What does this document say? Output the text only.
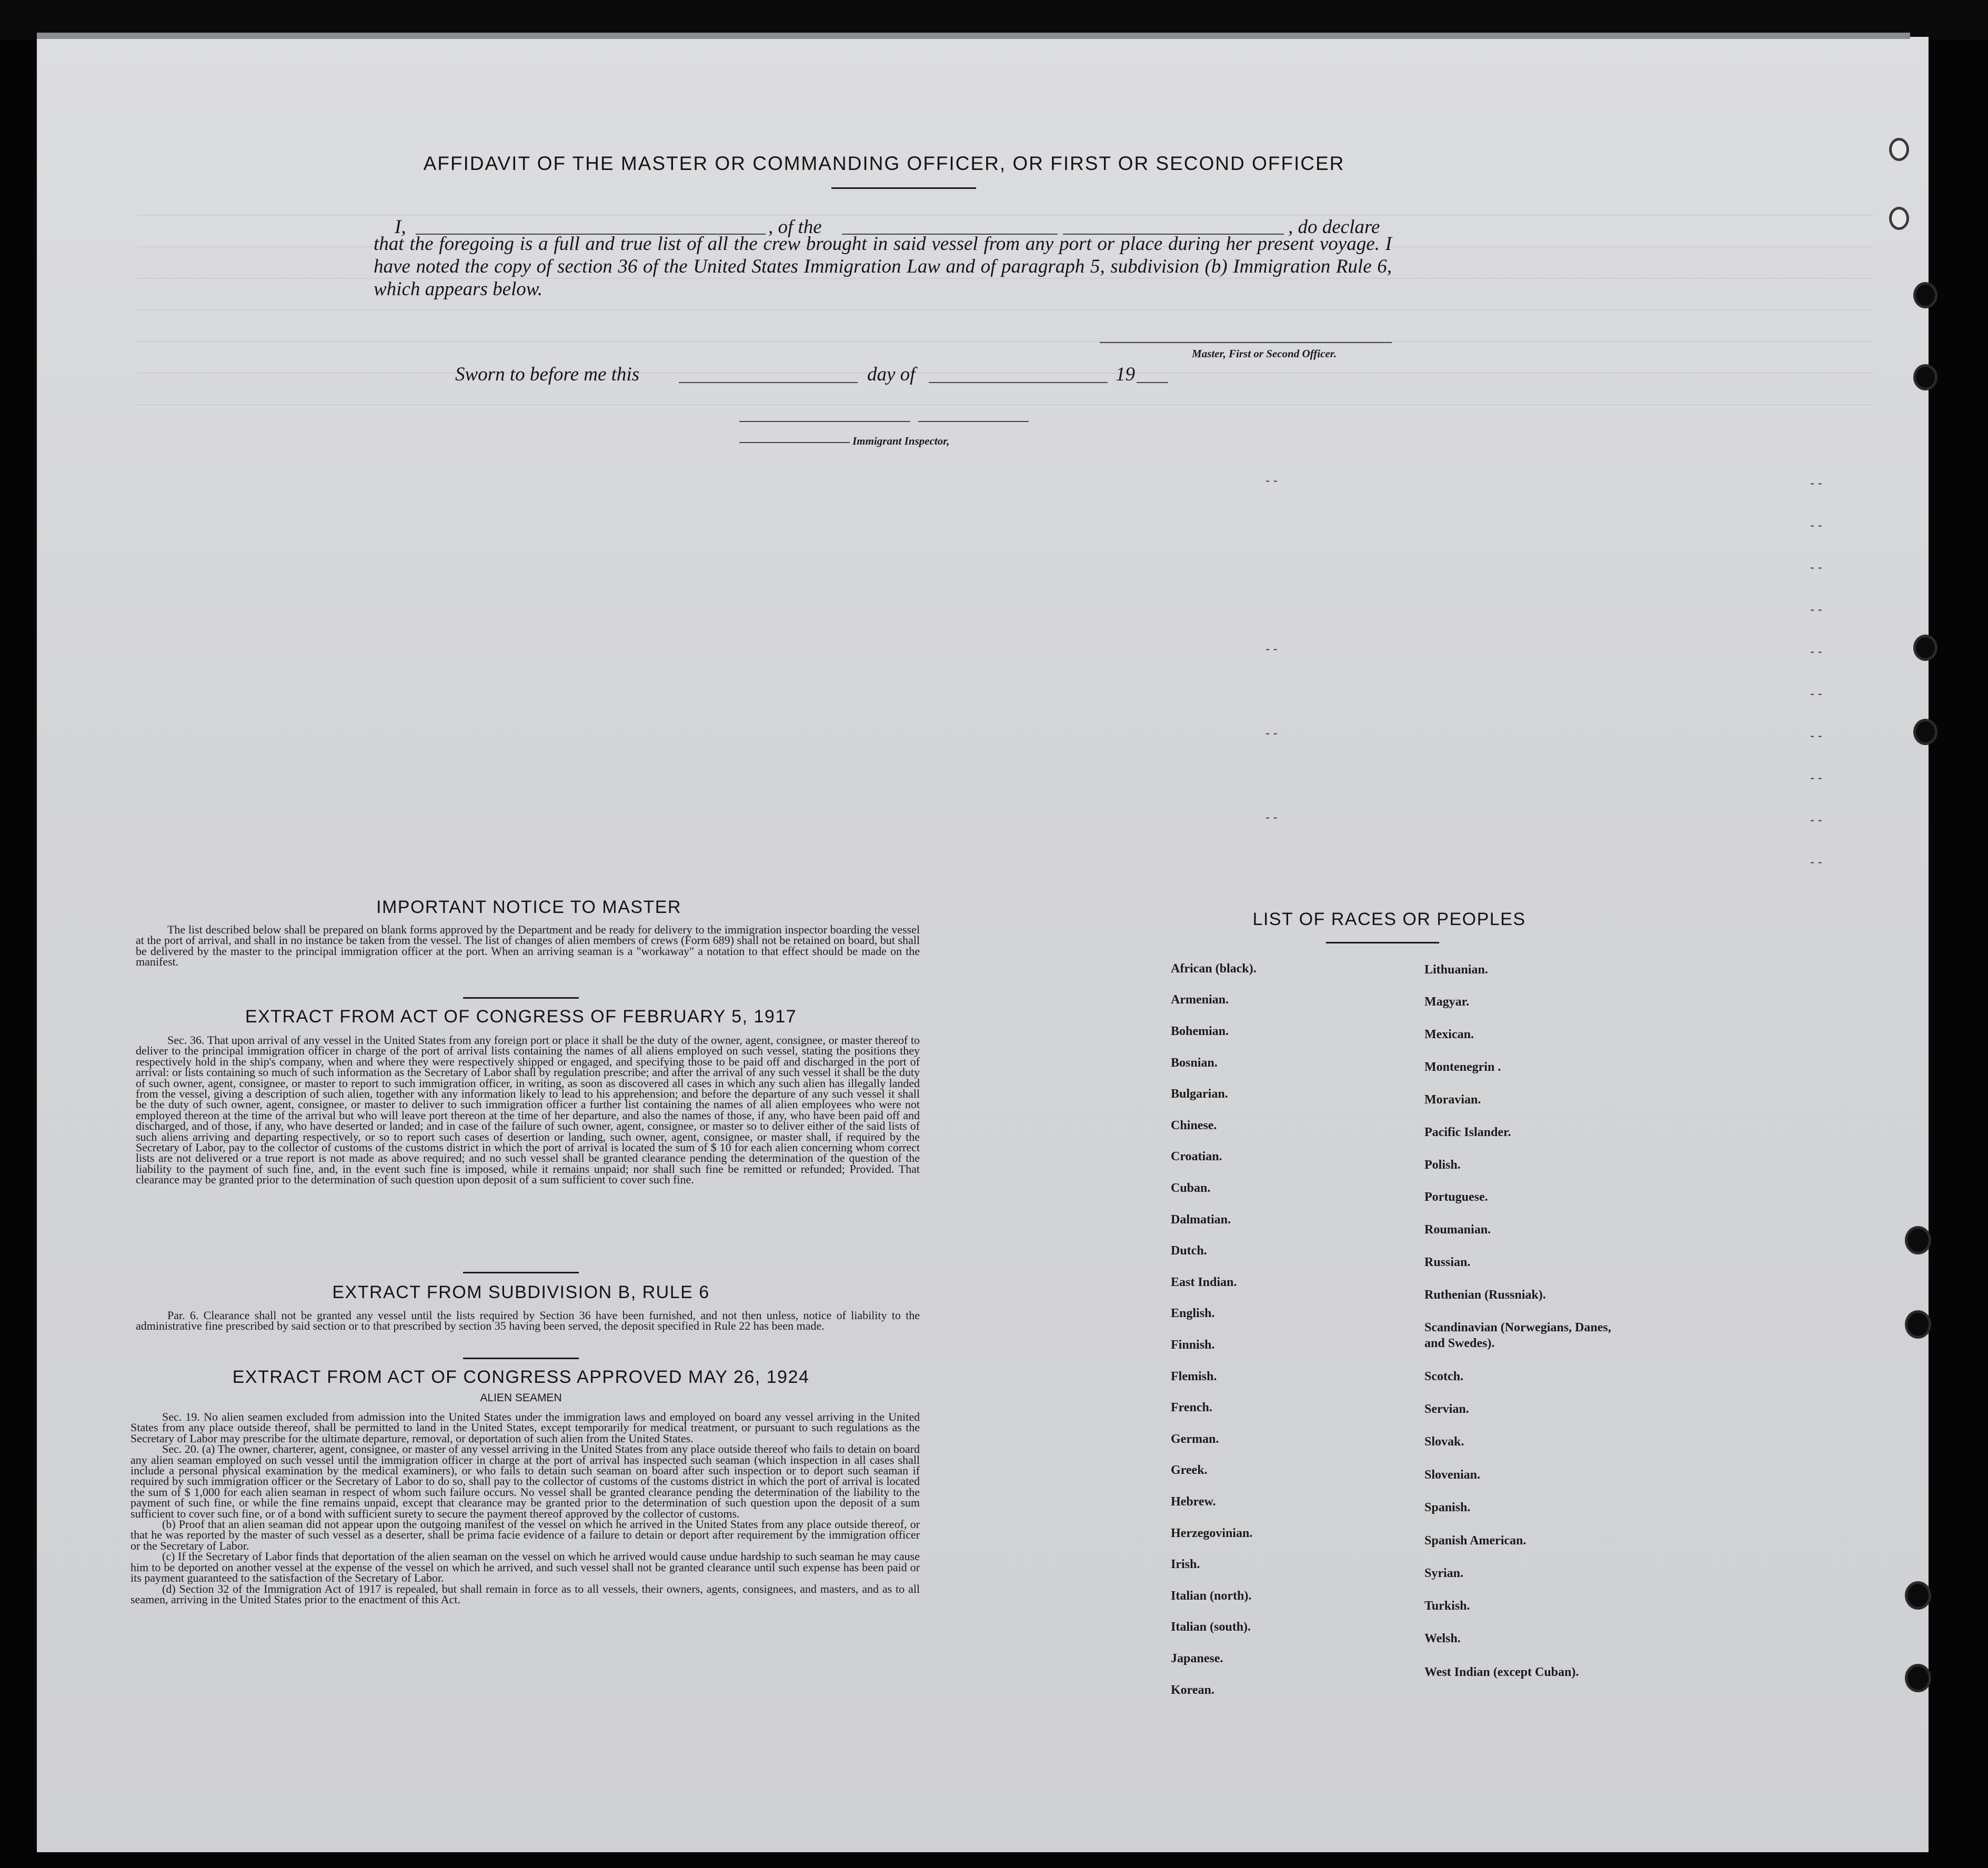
AFFIDAVIT OF THE MASTER OR COMMANDING OFFICER, OR FIRST OR SECOND OFFICER
I,	, of the	, do declare
that the foregoing is a full and true list of all the crew brought in said vessel from any port or place during her present voyage. I have noted the copy of section 36 of the United States Immigration Law and of paragraph 5, subdivision (b) Immigration Rule 6, which appears below.
Master, First or Second Officer.
Sworn to before me this	day of	19
Immigrant Inspector,
- -	- -
- -
- -
- -
- -
- -
- -
- -
- -
- -
- -
- -
- -
IMPORTANT NOTICE TO MASTER

The list described below shall be prepared on blank forms approved by the Department and be ready for delivery to the immigration inspector boarding the vessel at the port of arrival, and shall in no instance be taken from the vessel. The list of changes of alien members of crews (Form 689) shall not be retained on board, but shall be delivered by the master to the principal immigration officer at the port. When an arriving seaman is a "workaway" a notation to that effect should be made on the manifest.

EXTRACT FROM ACT OF CONGRESS OF FEBRUARY 5, 1917

Sec. 36. That upon arrival of any vessel in the United States from any foreign port or place it shall be the duty of the owner, agent, consignee, or master thereof to deliver to the principal immigration officer in charge of the port of arrival lists containing the names of all aliens employed on such vessel, stating the positions they respectively hold in the ship's company, when and where they were respectively shipped or engaged, and specifying those to be paid off and discharged in the port of arrival: or lists containing so much of such information as the Secretary of Labor shall by regulation prescribe; and after the arrival of any such vessel it shall be the duty of such owner, agent, consignee, or master to report to such immigration officer, in writing, as soon as discovered all cases in which any such alien has illegally landed from the vessel, giving a description of such alien, together with any information likely to lead to his apprehension; and before the departure of any such vessel it shall be the duty of such owner, agent, consignee, or master to deliver to such immigration officer a further list containing the names of all alien employees who were not employed thereon at the time of the arrival but who will leave port thereon at the time of her departure, and also the names of those, if any, who have been paid off and discharged, and of those, if any, who have deserted or landed; and in case of the failure of such owner, agent, consignee, or master so to deliver either of the said lists of such aliens arriving and departing respectively, or so to report such cases of desertion or landing, such owner, agent, consignee, or master shall, if required by the Secretary of Labor, pay to the collector of customs of the customs district in which the port of arrival is located the sum of $ 10 for each alien concerning whom correct lists are not delivered or a true report is not made as above required; and no such vessel shall be granted clearance pending the determination of the question of the liability to the payment of such fine, and, in the event such fine is imposed, while it remains unpaid; nor shall such fine be remitted or refunded; Provided. That clearance may be granted prior to the determination of such question upon deposit of a sum sufficient to cover such fine.

EXTRACT FROM SUBDIVISION B, RULE 6

Par. 6. Clearance shall not be granted any vessel until the lists required by Section 36 have been furnished, and not then unless, notice of liability to the administrative fine prescribed by said section or to that prescribed by section 35 having been served, the deposit specified in Rule 22 has been made.

EXTRACT FROM ACT OF CONGRESS APPROVED MAY 26, 1924
ALIEN SEAMEN

Sec. 19. No alien seamen excluded from admission into the United States under the immigration laws and employed on board any vessel arriving in the United States from any place outside thereof, shall be permitted to land in the United States, except temporarily for medical treatment, or pursuant to such regulations as the Secretary of Labor may prescribe for the ultimate departure, removal, or deportation of such alien from the United States.

Sec. 20. (a) The owner, charterer, agent, consignee, or master of any vessel arriving in the United States from any place outside thereof who fails to detain on board any alien seaman employed on such vessel until the immigration officer in charge at the port of arrival has inspected such seaman (which inspection in all cases shall include a personal physical examination by the medical examiners), or who fails to detain such seaman on board after such inspection or to deport such seaman if required by such immigration officer or the Secretary of Labor to do so, shall pay to the collector of customs of the customs district in which the port of arrival is located the sum of $ 1,000 for each alien seaman in respect of whom such failure occurs. No vessel shall be granted clearance pending the determination of the liability to the payment of such fine, or while the fine remains unpaid, except that clearance may be granted prior to the determination of such question upon the deposit of a sum sufficient to cover such fine, or of a bond with sufficient surety to secure the payment thereof approved by the collector of customs.

(b) Proof that an alien seaman did not appear upon the outgoing manifest of the vessel on which he arrived in the United States from any place outside thereof, or that he was reported by the master of such vessel as a deserter, shall be prima facie evidence of a failure to detain or deport after requirement by the immigration officer or the Secretary of Labor.

(c) If the Secretary of Labor finds that deportation of the alien seaman on the vessel on which he arrived would cause undue hardship to such seaman he may cause him to be deported on another vessel at the expense of the vessel on which he arrived, and such vessel shall not be granted clearance until such expense has been paid or its payment guaranteed to the satisfaction of the Secretary of Labor.

(d) Section 32 of the Immigration Act of 1917 is repealed, but shall remain in force as to all vessels, their owners, agents, consignees, and masters, and as to all seamen, arriving in the United States prior to the enactment of this Act.

LIST OF RACES OR PEOPLES
African (black).
Armenian.
Bohemian.
Bosnian.
Bulgarian.
Chinese.
Croatian.
Cuban.
Dalmatian.
Dutch.
East Indian.
English.
Finnish.
Flemish.
French.
German.
Greek.
Hebrew.
Herzegovinian.
Irish.
Italian (north).
Italian (south).
Japanese.
Korean.
Lithuanian.
Magyar.
Mexican.
Montenegrin .
Moravian.
Pacific Islander.
Polish.
Portuguese.
Roumanian.
Russian.
Ruthenian (Russniak).
Scandinavian (Norwegians, Danes, and Swedes).
Scotch.
Servian.
Slovak.
Slovenian.
Spanish.
Spanish American.
Syrian.
Turkish.
Welsh.
West Indian (except Cuban).
